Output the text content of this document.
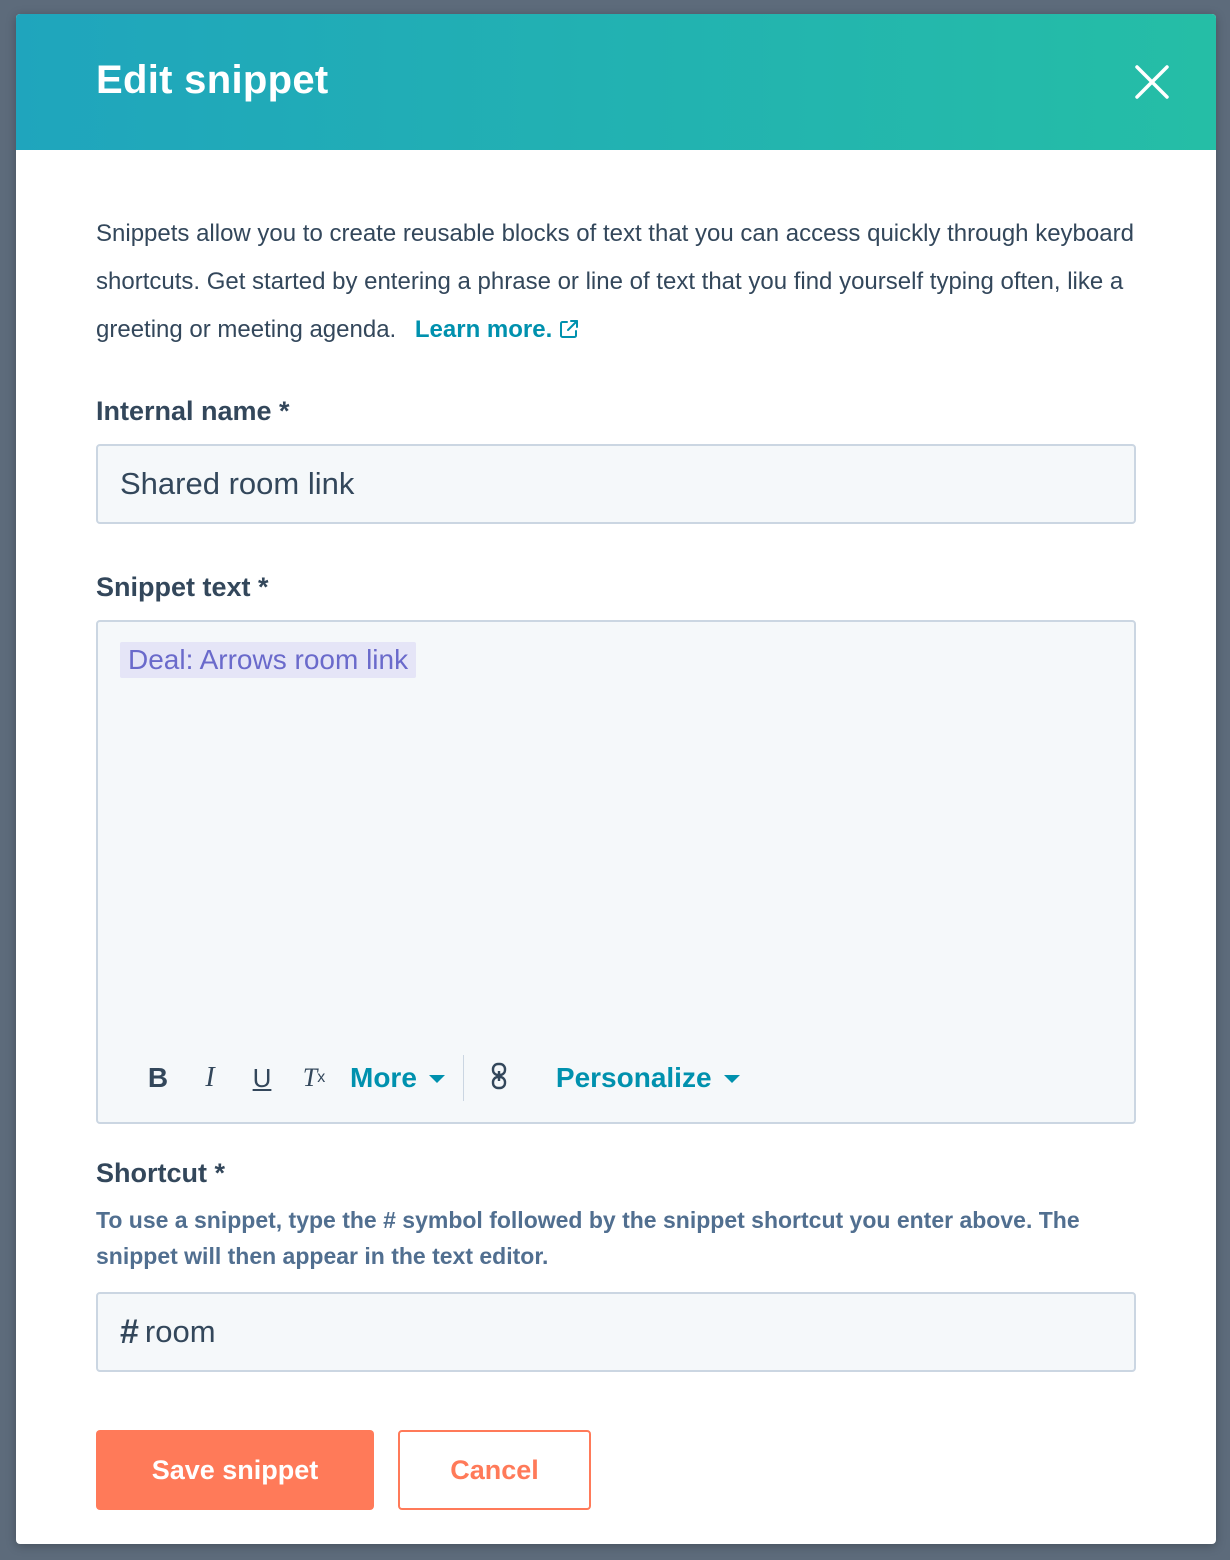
Edit snippet
Snippets allow you to create reusable blocks of text that you can access quickly through keyboard shortcuts. Get started by entering a phrase or line of text that you find yourself typing often, like a greeting or meeting agenda. Learn more.
Internal name *
Shared room link
Snippet text *
Deal: Arrows room link
B	I	U	T x More	Personalize
Shortcut *
To use a snippet, type the # symbol followed by the snippet shortcut you enter above. The snippet will then appear in the text editor.
# room
Save snippet	Cancel
